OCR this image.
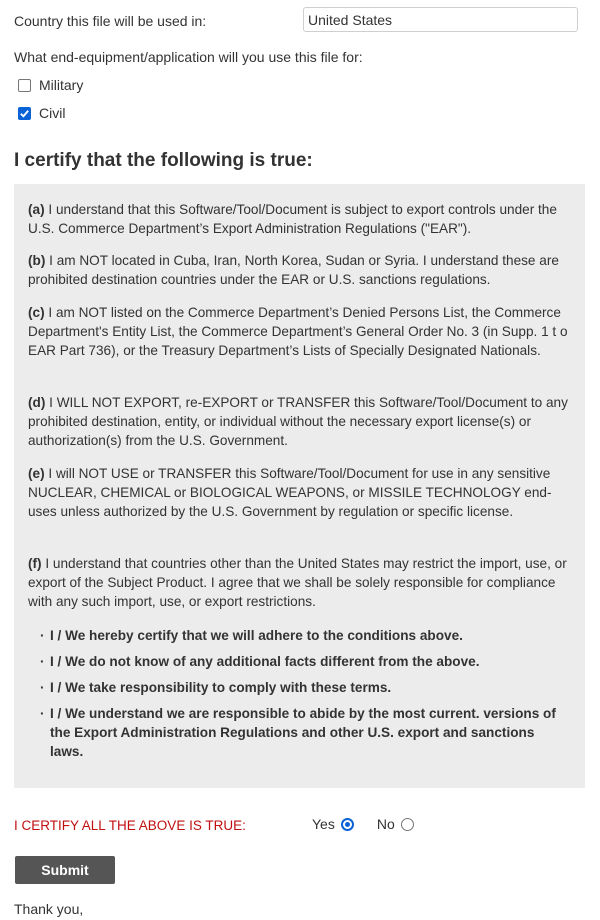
Country this file will be used in:
United States
What end-equipment/application will you use this file for:
Military
Civil
I certify that the following is true:

(a) I understand that this Software/Tool/Document is subject to export controls under the U.S. Commerce Department’s Export Administration Regulations ("EAR").

(b) I am NOT located in Cuba, Iran, North Korea, Sudan or Syria. I understand these are prohibited destination countries under the EAR or U.S. sanctions regulations.

(c) I am NOT listed on the Commerce Department’s Denied Persons List, the Commerce Department's Entity List, the Commerce Department’s General Order No. 3 (in Supp. 1 t o EAR Part 736), or the Treasury Department’s Lists of Specially Designated Nationals.

(d) I WILL NOT EXPORT, re-EXPORT or TRANSFER this Software/Tool/Document to any prohibited destination, entity, or individual without the necessary export license(s) or authorization(s) from the U.S. Government.

(e) I will NOT USE or TRANSFER this Software/Tool/Document for use in any sensitive NUCLEAR, CHEMICAL or BIOLOGICAL WEAPONS, or MISSILE TECHNOLOGY end-uses unless authorized by the U.S. Government by regulation or specific license.

(f) I understand that countries other than the United States may restrict the import, use, or export of the Subject Product. I agree that we shall be solely responsible for compliance with any such import, use, or export restrictions.

· I / We hereby certify that we will adhere to the conditions above.
· I / We do not know of any additional facts different from the above.
· I / We take responsibility to comply with these terms.
· I / We understand we are responsible to abide by the most current. versions of the Export Administration Regulations and other U.S. export and sanctions laws.
I CERTIFY ALL THE ABOVE IS TRUE:	Yes	No
Submit
Thank you,
